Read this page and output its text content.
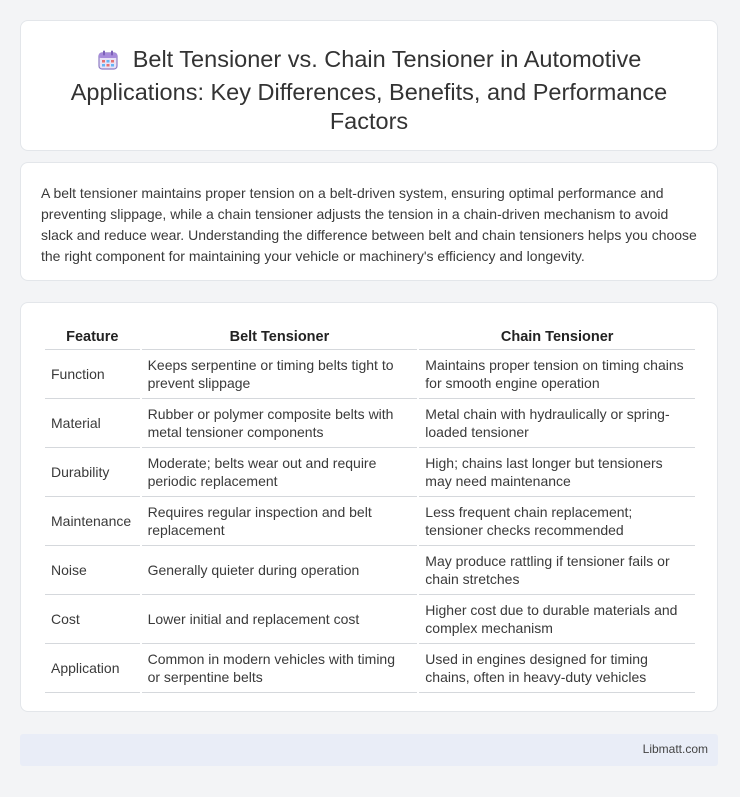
Belt Tensioner vs. Chain Tensioner in Automotive Applications: Key Differences, Benefits, and Performance Factors

A belt tensioner maintains proper tension on a belt-driven system, ensuring optimal performance and preventing slippage, while a chain tensioner adjusts the tension in a chain-driven mechanism to avoid slack and reduce wear. Understanding the difference between belt and chain tensioners helps you choose the right component for maintaining your vehicle or machinery's efficiency and longevity.

Feature	Belt Tensioner	Chain Tensioner
Function	Keeps serpentine or timing belts tight to prevent slippage	Maintains proper tension on timing chains for smooth engine operation
Material	Rubber or polymer composite belts with metal tensioner components	Metal chain with hydraulically or spring-loaded tensioner
Durability	Moderate; belts wear out and require periodic replacement	High; chains last longer but tensioners may need maintenance
Maintenance	Requires regular inspection and belt replacement	Less frequent chain replacement; tensioner checks recommended
Noise	Generally quieter during operation	May produce rattling if tensioner fails or chain stretches
Cost	Lower initial and replacement cost	Higher cost due to durable materials and complex mechanism
Application	Common in modern vehicles with timing or serpentine belts	Used in engines designed for timing chains, often in heavy-duty vehicles
Libmatt.com
